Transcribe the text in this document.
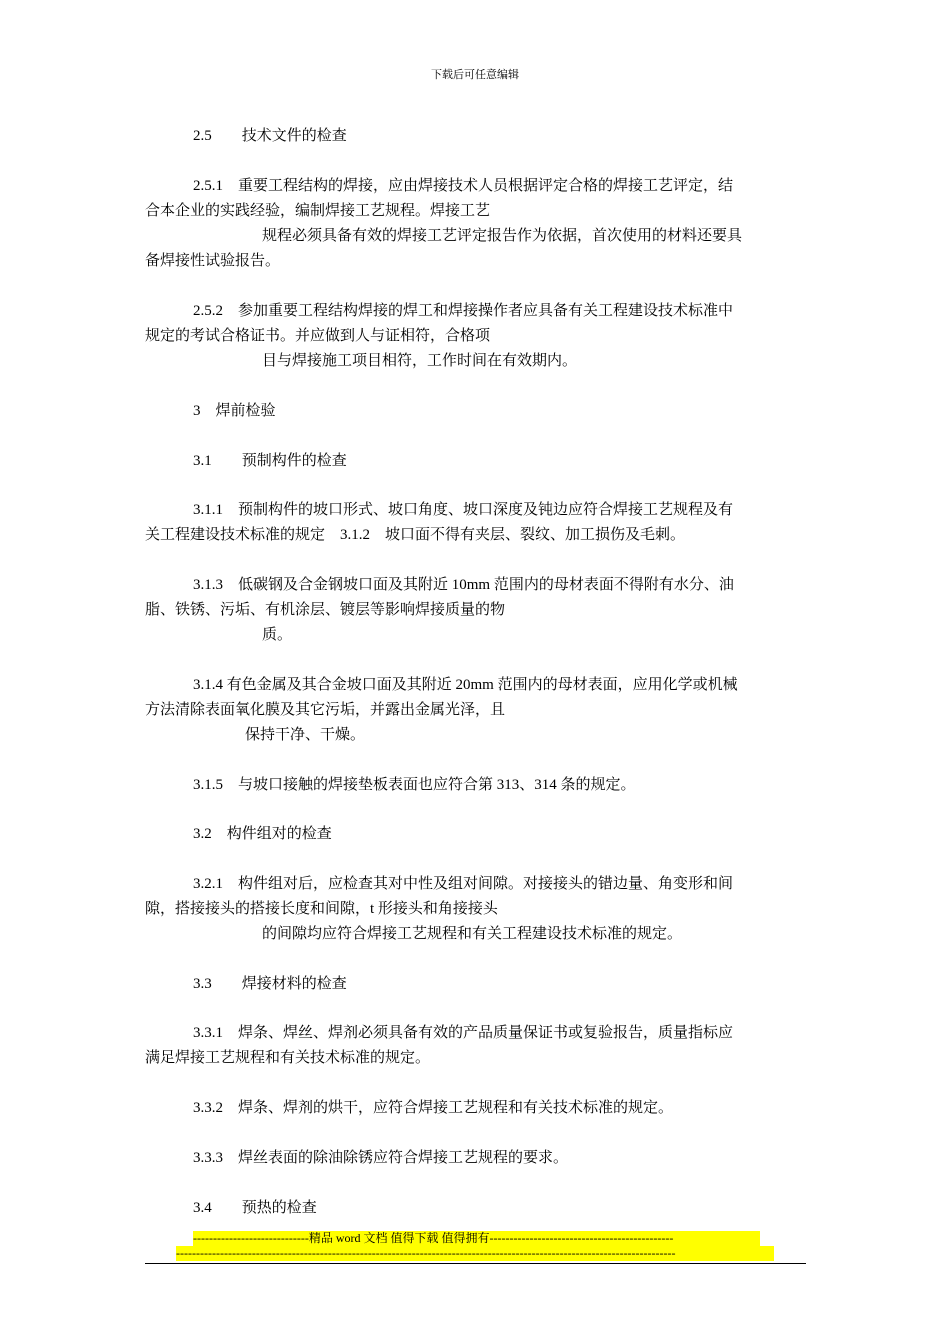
下载后可任意编辑
2.5　　技术文件的检查
2.5.1　重要工程结构的焊接，应由焊接技术人员根据评定合格的焊接工艺评定，结
合本企业的实践经验，编制焊接工艺规程。焊接工艺
规程必须具备有效的焊接工艺评定报告作为依据，首次使用的材料还要具
备焊接性试验报告。
2.5.2　参加重要工程结构焊接的焊工和焊接操作者应具备有关工程建设技术标准中
规定的考试合格证书。并应做到人与证相符，合格项
目与焊接施工项目相符，工作时间在有效期内。
3　焊前检验
3.1　　预制构件的检查
3.1.1　预制构件的坡口形式、坡口角度、坡口深度及钝边应符合焊接工艺规程及有
关工程建设技术标准的规定　3.1.2　坡口面不得有夹层、裂纹、加工损伤及毛刺。
3.1.3　低碳钢及合金钢坡口面及其附近 10mm 范围内的母材表面不得附有水分、油
脂、铁锈、污垢、有机涂层、镀层等影响焊接质量的物
质。
3.1.4 有色金属及其合金坡口面及其附近 20mm 范围内的母材表面，应用化学或机械
方法清除表面氧化膜及其它污垢，并露出金属光泽，且
保持干净、干燥。
3.1.5　与坡口接触的焊接垫板表面也应符合第 313、314 条的规定。
3.2　构件组对的检查
3.2.1　构件组对后，应检查其对中性及组对间隙。对接接头的错边量、角变形和间
隙，搭接接头的搭接长度和间隙，t 形接头和角接接头
的间隙均应符合焊接工艺规程和有关工程建设技术标准的规定。
3.3　　焊接材料的检查
3.3.1　焊条、焊丝、焊剂必须具备有效的产品质量保证书或复验报告，质量指标应
满足焊接工艺规程和有关技术标准的规定。
3.3.2　焊条、焊剂的烘干，应符合焊接工艺规程和有关技术标准的规定。
3.3.3　焊丝表面的除油除锈应符合焊接工艺规程的要求。
3.4　　预热的检查
-----------------------------精品 word 文档 值得下载 值得拥有----------------------------------------------
-----------------------------------------------------------------------------------------------------------------------------
